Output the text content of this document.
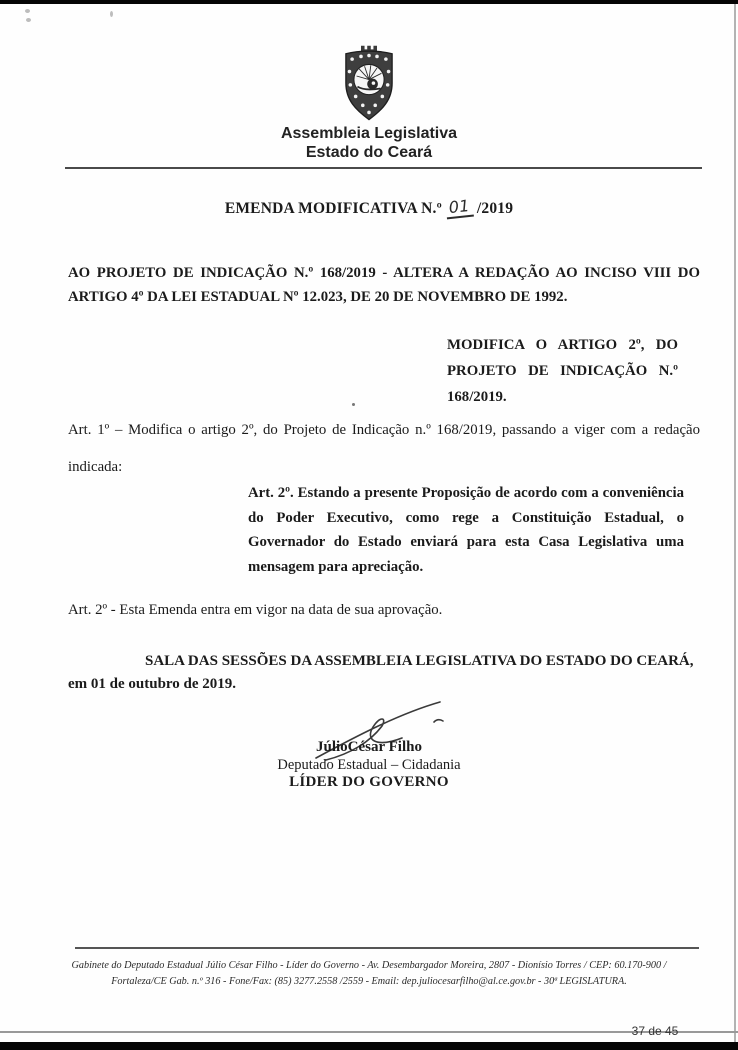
Assembleia Legislativa
Estado do Ceará
EMENDA MODIFICATIVA N.º 01 /2019
AO PROJETO DE INDICAÇÃO N.º 168/2019 - ALTERA A REDAÇÃO AO INCISO VIII DO ARTIGO 4º DA LEI ESTADUAL Nº 12.023, DE 20 DE NOVEMBRO DE 1992.
MODIFICA O ARTIGO 2º, DO PROJETO DE INDICAÇÃO N.º 168/2019.
Art. 1º – Modifica o artigo 2º, do Projeto de Indicação n.º 168/2019, passando a viger com a redação indicada:
Art. 2º. Estando a presente Proposição de acordo com a conveniência do Poder Executivo, como rege a Constituição Estadual, o Governador do Estado enviará para esta Casa Legislativa uma mensagem para apreciação.
Art. 2º - Esta Emenda entra em vigor na data de sua aprovação.
SALA DAS SESSÕES DA ASSEMBLEIA LEGISLATIVA DO ESTADO DO CEARÁ, em 01 de outubro de 2019.
JúlioCésar Filho
Deputado Estadual – Cidadania
LÍDER DO GOVERNO
Gabinete do Deputado Estadual Júlio César Filho - Líder do Governo - Av. Desembargador Moreira, 2807 - Dionísio Torres / CEP: 60.170-900 /
Fortaleza/CE Gab. n.º 316 - Fone/Fax: (85) 3277.2558 /2559 - Email: dep.juliocesarfilho@al.ce.gov.br - 30ª LEGISLATURA.
37 de 45
